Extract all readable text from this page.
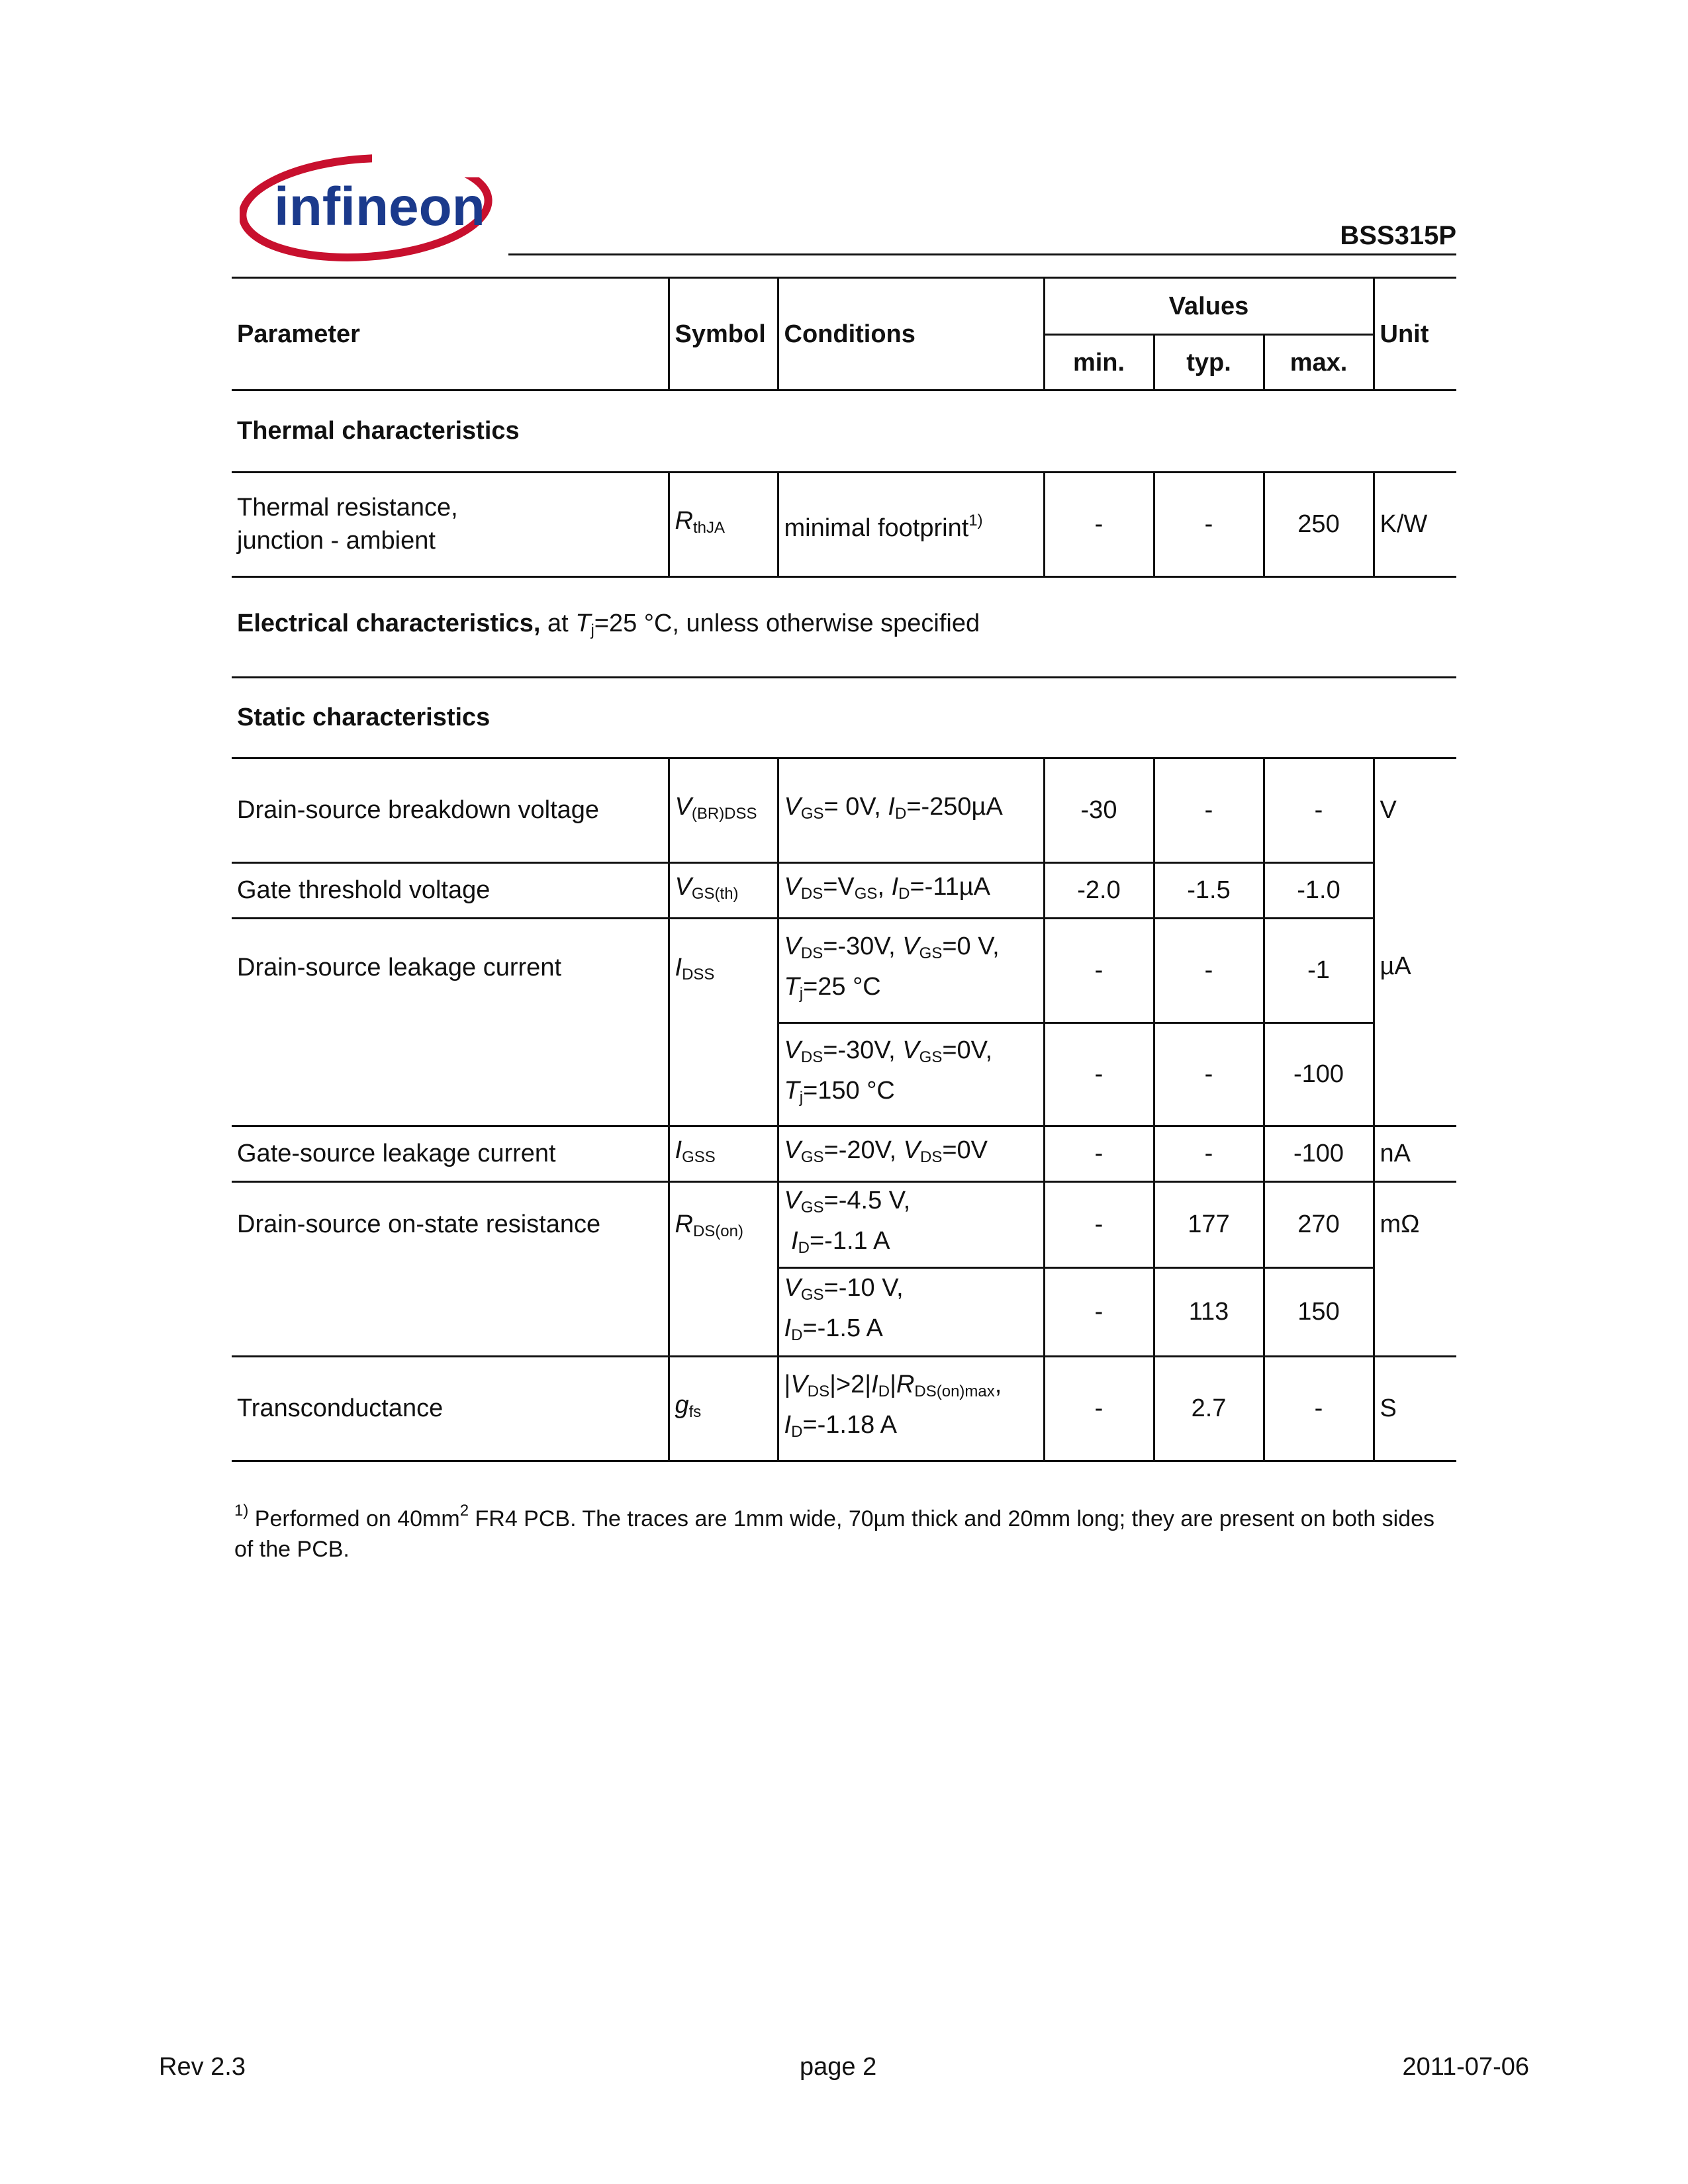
infineon	BSS315P
Parameter	Symbol	Conditions	Values			Unit
			min.	typ.	max.	

Thermal characteristics						
Thermal resistance,
junction - ambient	$R_{thJA}$	minimal footprint$^{1)}$	-	-	250	K/W
Electrical characteristics, at $T_j=25$ °C, unless otherwise specified						
Static characteristics						
Drain-source breakdown voltage	$V_{(BR)DSS}$	$V_{GS}= 0V$, $I_D=-250\mu A$	-30	-	-	V
Gate threshold voltage	$V_{GS(th)}$	$V_{DS}=V_{GS}$, $I_D=-11\mu A$	-2.0	-1.5	-1.0	
Drain-source leakage current	$I_{DSS}$	$V_{DS}=-30V$, $V_{GS}=0$ V,
$T_j=25$ °C	-	-	-1	µA
		$V_{DS}=-30V$, $V_{GS}=0V$,
$T_j=150$ °C	-	-	-100	
Gate-source leakage current	$I_{GSS}$	$V_{GS}=-20V$, $V_{DS}=0V$	-	-	-100	nA
Drain-source on-state resistance	$R_{DS(on)}$	$V_{GS}=-4.5$ V,
$I_D=-1.1$ A	-	177	270	mΩ
		$V_{GS}=-10$ V,
$I_D=-1.5$ A	-	113	150	
Transconductance	$g_{fs}$	$|V_{DS}|>2|I_D|R_{DS(on)max}$,
$I_D=-1.18$ A	-	2.7	-	S
$^{1)}$ Performed on $40mm^2$ FR4 PCB. The traces are 1mm wide, 70µm thick and 20mm long; they are present on both sides of the PCB.
Rev 2.3	page 2	2011-07-06
